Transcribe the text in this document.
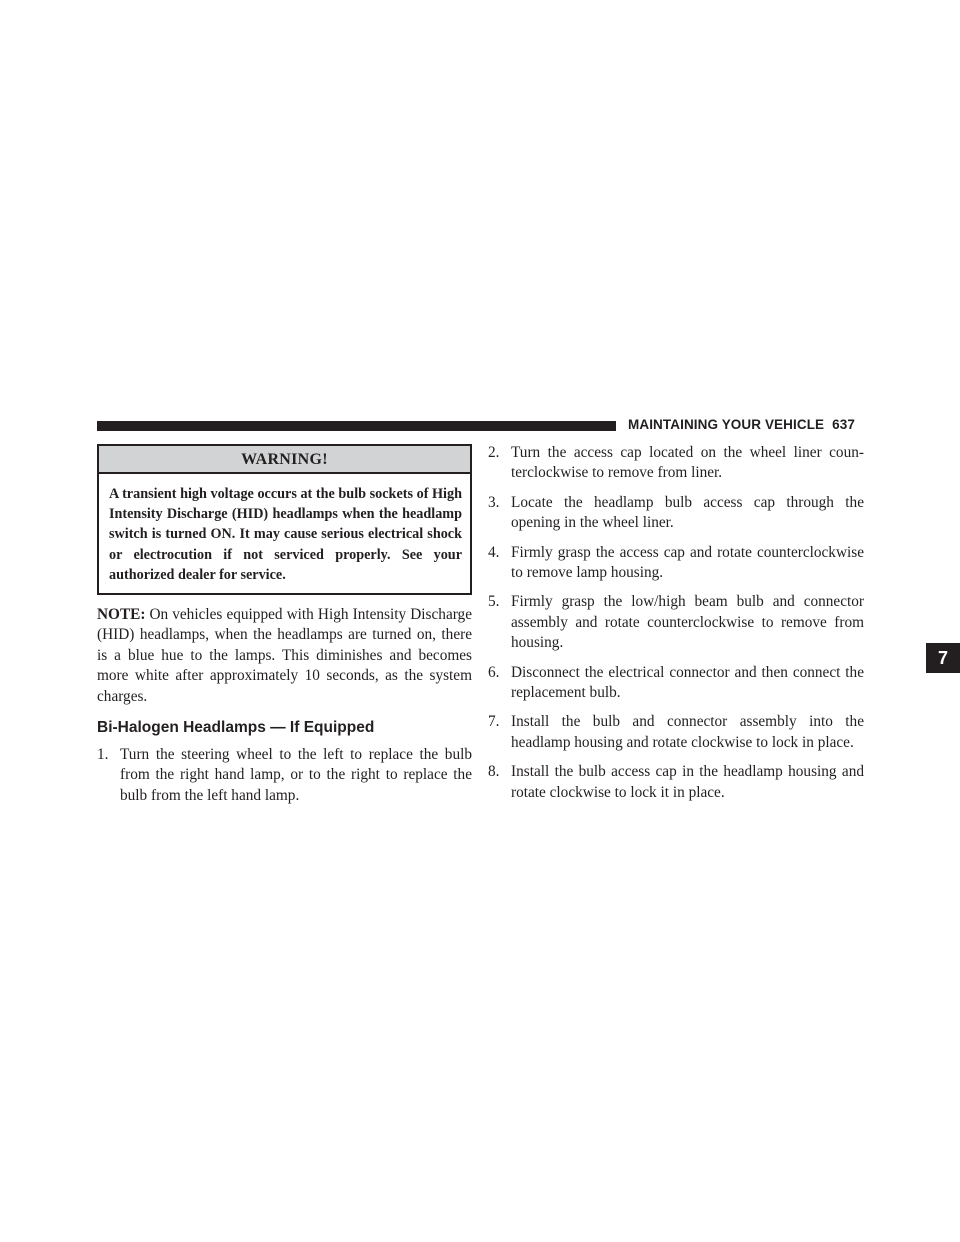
MAINTAINING YOUR VEHICLE 637
7
WARNING!
A transient high voltage occurs at the bulb sockets of High Intensity Discharge (HID) headlamps when the headlamp switch is turned ON. It may cause serious electrical shock or electrocution if not serviced properly. See your authorized dealer for service.
NOTE: On vehicles equipped with High Intensity Discharge (HID) headlamps, when the headlamps are turned on, there is a blue hue to the lamps. This diminishes and becomes more white after approximately 10 seconds, as the system charges.
Bi-Halogen Headlamps — If Equipped
1. Turn the steering wheel to the left to replace the bulb from the right hand lamp, or to the right to replace the bulb from the left hand lamp.
2. Turn the access cap located on the wheel liner counterclockwise to remove from liner.
3. Locate the headlamp bulb access cap through the opening in the wheel liner.
4. Firmly grasp the access cap and rotate counterclockwise to remove lamp housing.
5. Firmly grasp the low/high beam bulb and connector assembly and rotate counterclockwise to remove from housing.
6. Disconnect the electrical connector and then connect the replacement bulb.
7. Install the bulb and connector assembly into the headlamp housing and rotate clockwise to lock in place.
8. Install the bulb access cap in the headlamp housing and rotate clockwise to lock it in place.
